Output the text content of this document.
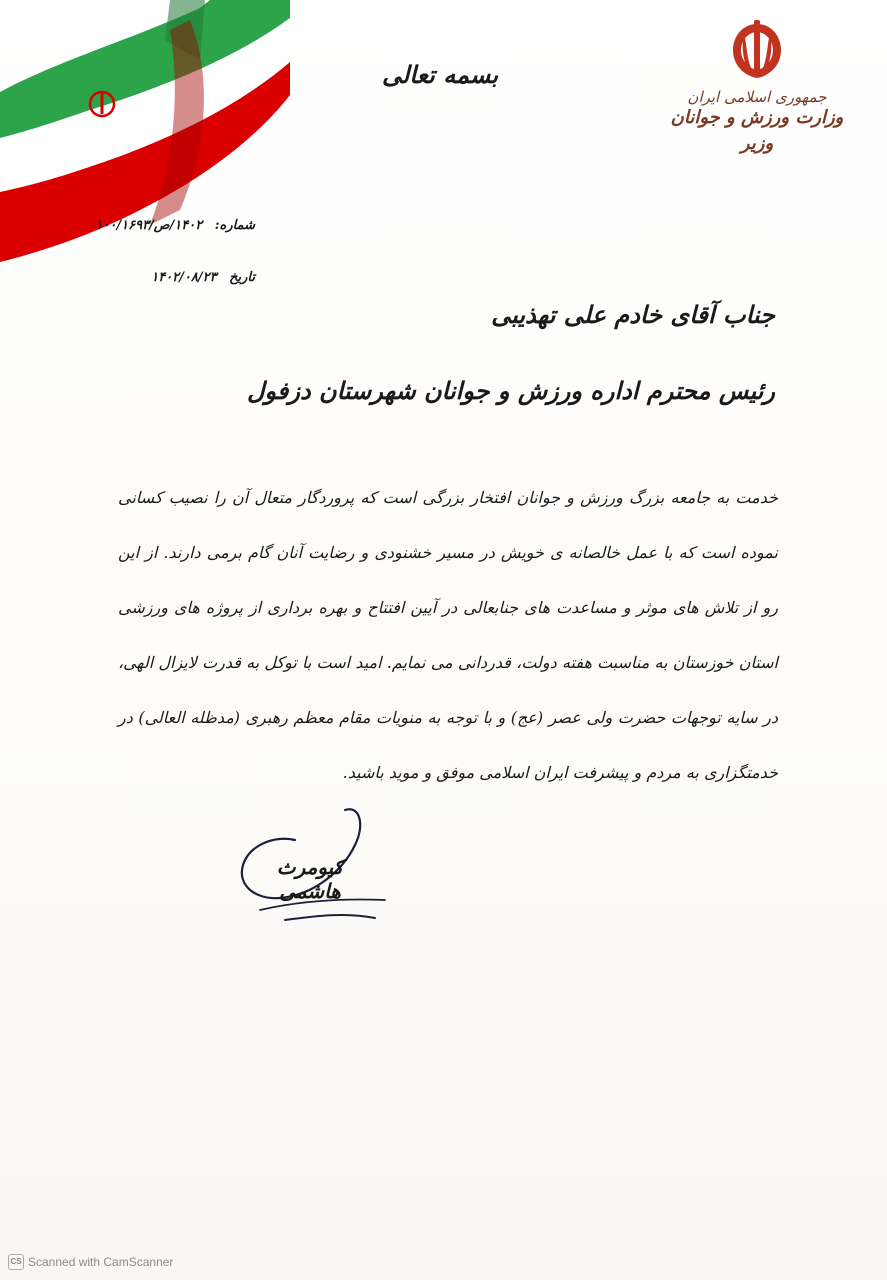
جمهوری اسلامی ایران
وزارت ورزش و جوانان
وزیر
بسمه تعالی
شماره: ۱۴۰۲/ص/۱۰۰/۱۶۹۳
تاریخ ۱۴۰۲/۰۸/۲۳
جناب آقای خادم علی تهذیبی
رئیس محترم اداره ورزش و جوانان شهرستان دزفول

خدمت به جامعه بزرگ ورزش و جوانان افتخار بزرگی است که پروردگار متعال آن را نصیب کسانی نموده است که با عمل خالصانه ی خویش در مسیر خشنودی و رضایت آنان گام برمی دارند. از این رو از تلاش های موثر و مساعدت های جنابعالی در آیین افتتاح و بهره برداری از پروژه های ورزشی استان خوزستان به مناسبت هفته دولت، قدردانی می نمایم. امید است با توکل به قدرت لایزال الهی، در سایه توجهات حضرت ولی عصر (عج) و با توجه به منویات مقام معظم رهبری (مدظله العالی) در خدمتگزاری به مردم و پیشرفت ایران اسلامی موفق و موید باشید.

کیومرث هاشمی
CS Scanned with CamScanner
